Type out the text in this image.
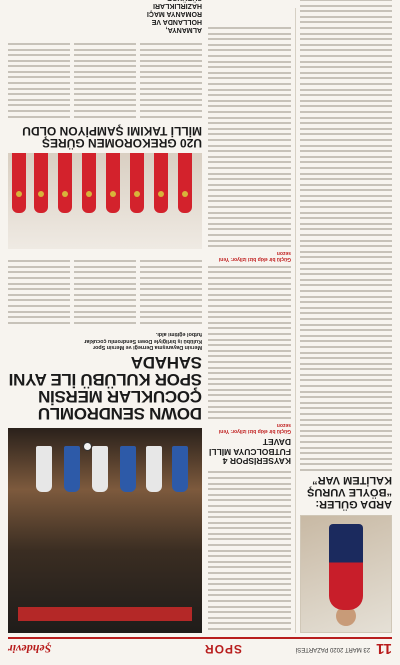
11
23 MART 2020 PAZARTESİ
SPOR
Şehdevir
ARDA GÜLER: “BÖYLE VURUŞ KALİTEM VAR”
KAYSERİSPOR 4 FUTBOLCUYA MİLLİ DAVET
Güçlü bir ekip bizi izliyor: Yeni sezon
Güçlü bir ekip bizi izliyor: Yeni sezon
DOWN SENDROMLU ÇOCUKLAR MERSİN SPOR KULÜBÜ İLE AYNI SAHADA
Mersin Dayanışma Derneği ve Mersin Spor Kulübü iş birliğiyle Down Sendromlu çocuklar futbol eğitimi aldı.
U20 GREKOROMEN GÜREŞ MİLLİ TAKIMI ŞAMPİYON OLDU
ALMANYA, HOLLANDA VE ROMANYA MAÇI HAZIRLIKLARI
